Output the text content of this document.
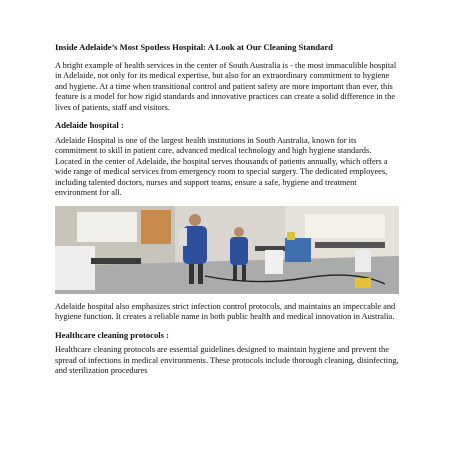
Inside Adelaide’s Most Spotless Hospital: A Look at Our Cleaning Standard

A bright example of health services in the center of South Australia is - the most immaculible hospital in Adelaide, not only for its medical expertise, but also for an extraordinary commitment to hygiene and hygiene. At a time when transitional control and patient safety are more important than ever, this feature is a model for how rigid standards and innovative practices can create a solid difference in the lives of patients, staff and visitors.

Adelaide hospital :

Adelaide Hospital is one of the largest health institutions in South Australia, known for its commitment to skill in patient care, advanced medical technology and high hygiene standards. Located in the center of Adelaide, the hospital serves thousands of patients annually, which offers a wide range of medical services from emergency room to special surgery. The dedicated employees, including talented doctors, nurses and support teams, ensure a safe, hygiene and treatment environment for all.

Adelaide hospital also emphasizes strict infection control protocols, and maintains an impeccable and hygiene function. It creates a reliable name in both public health and medical innovation in Australia.

Healthcare cleaning protocols :

Healthcare cleaning protocols are essential guidelines designed to maintain hygiene and prevent the spread of infections in medical environments. These protocols include thorough cleaning, disinfecting, and sterilization procedures
